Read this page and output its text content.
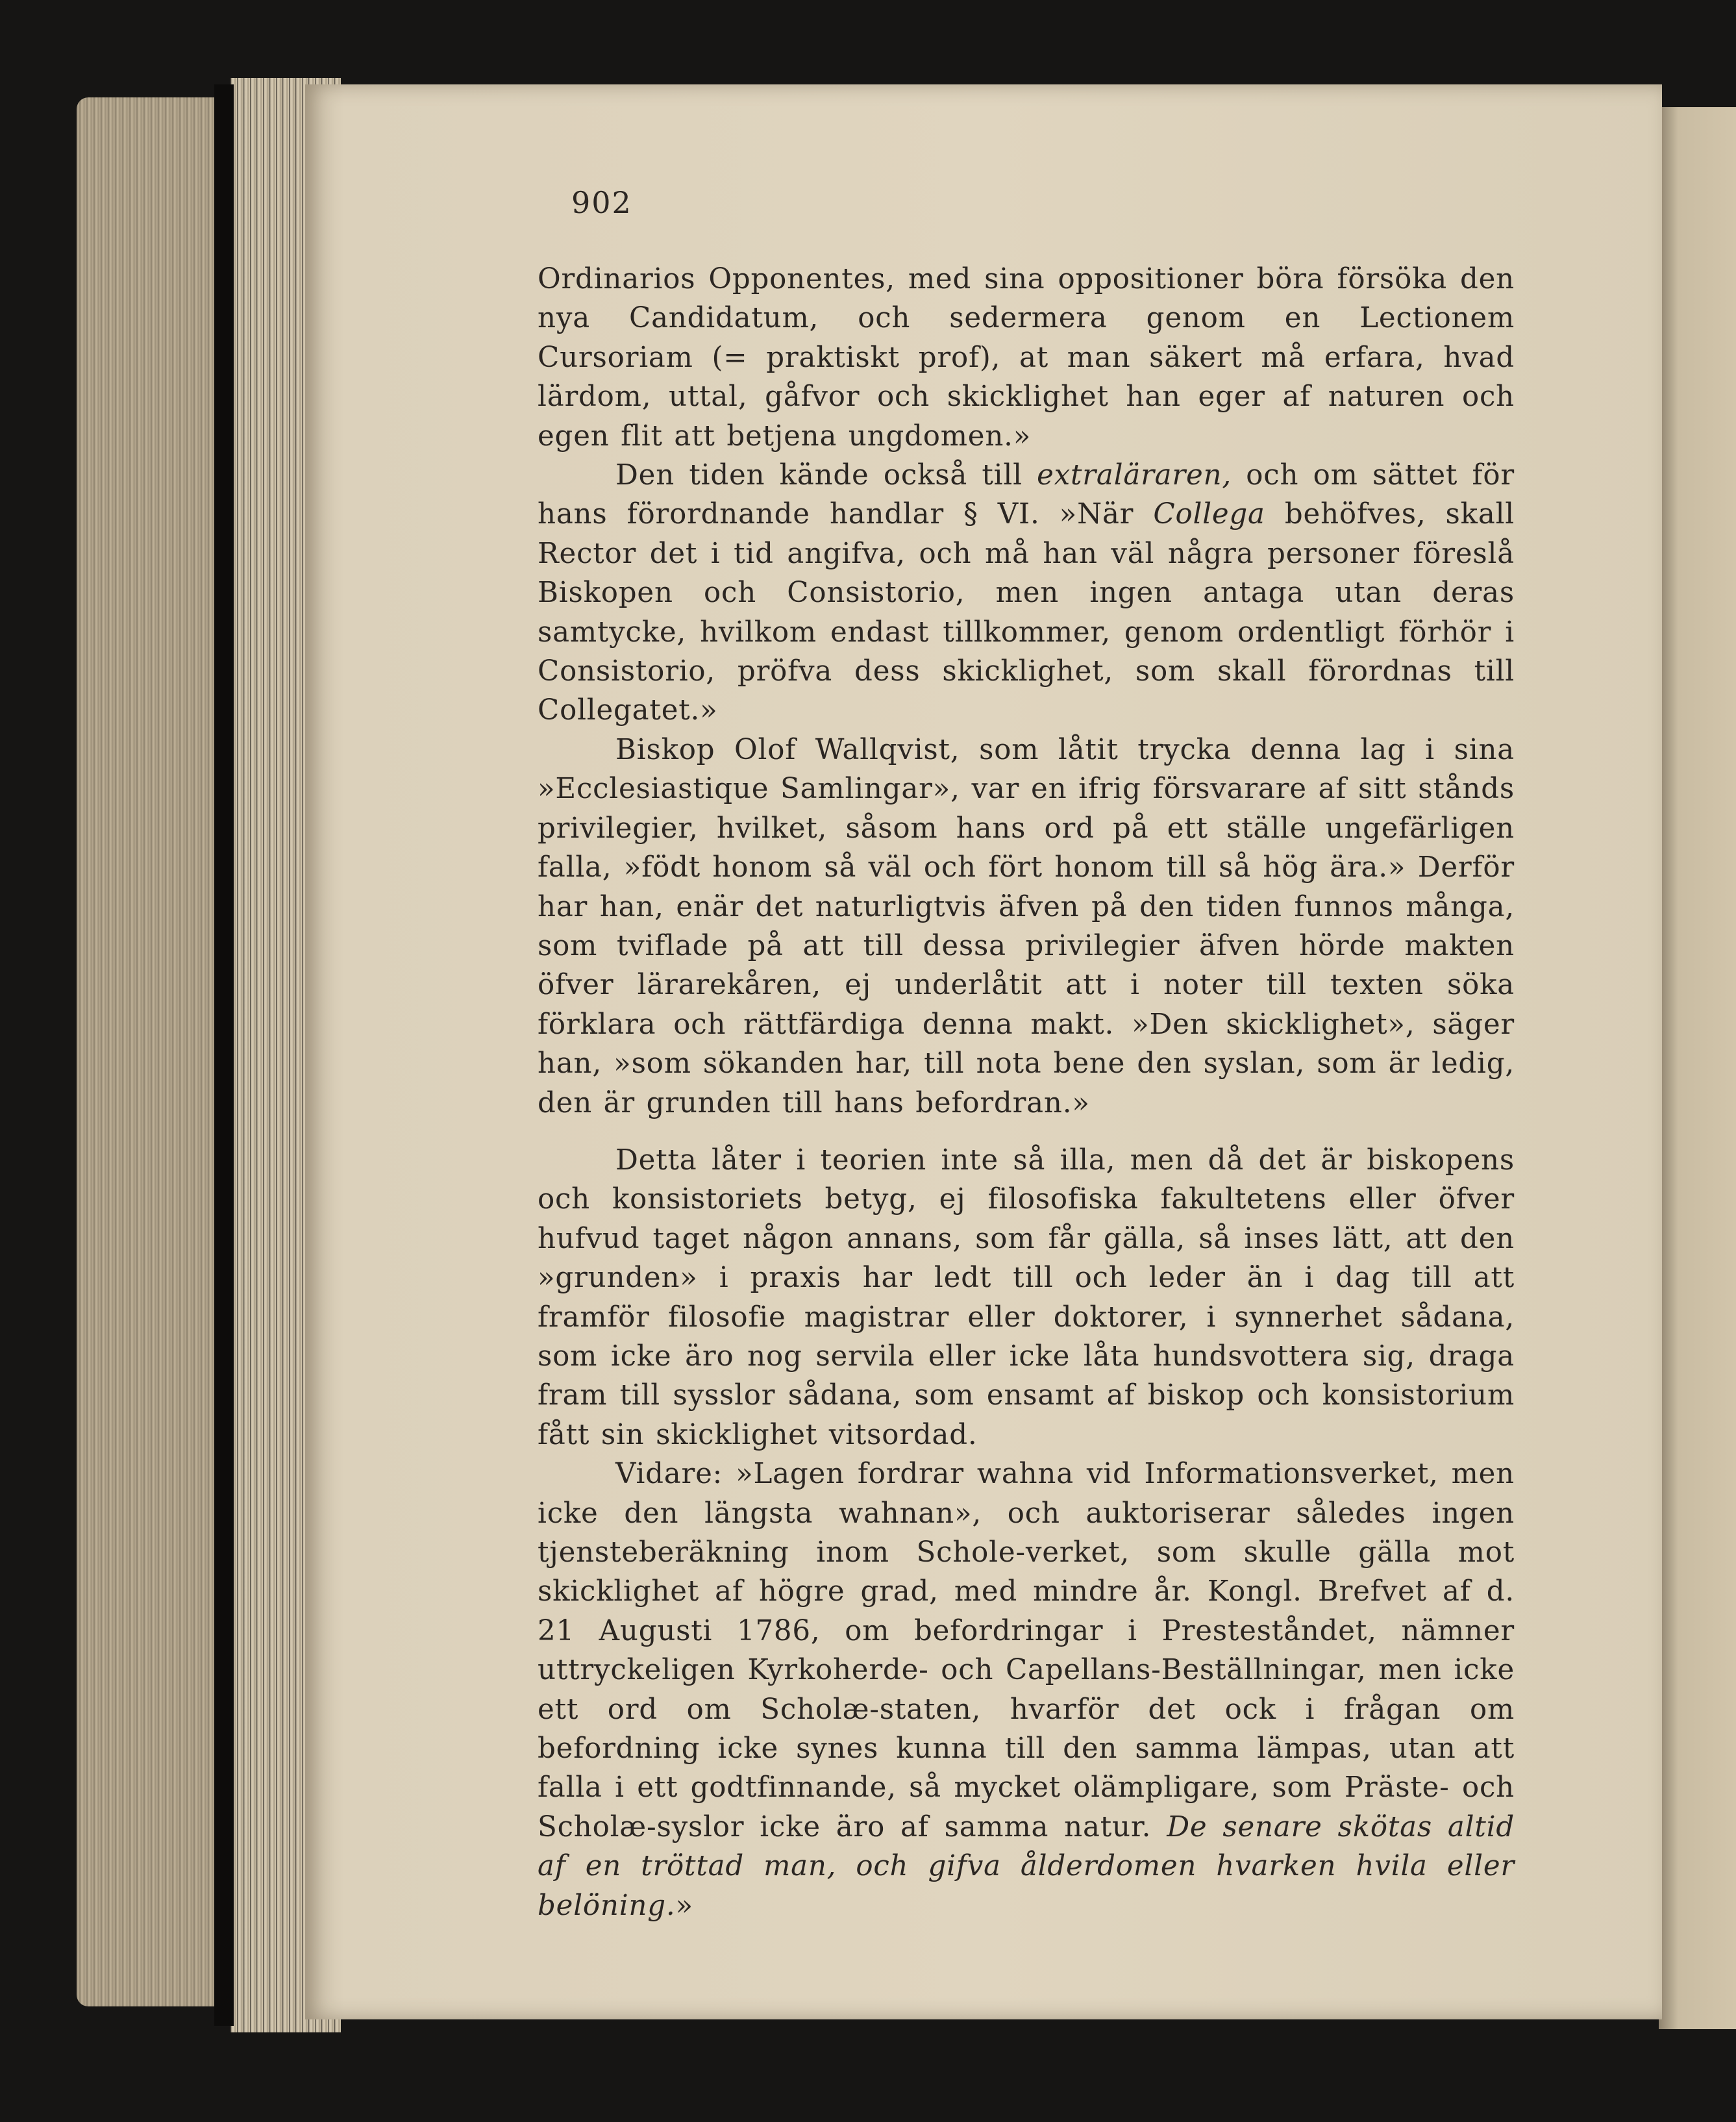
902

Ordinarios Opponentes, med sina oppositioner böra försöka den nya Candidatum, och sedermera genom en Lectionem Cursoriam (= praktiskt prof), at man säkert må erfara, hvad lärdom, uttal, gåfvor och skicklighet han eger af naturen och egen flit att betjena ungdomen.»

Den tiden kände också till extraläraren, och om sättet för hans förordnande handlar § VI. »När Collega behöfves, skall Rector det i tid angifva, och må han väl några personer föreslå Biskopen och Consistorio, men ingen antaga utan deras samtycke, hvilkom endast tillkommer, genom ordentligt förhör i Consistorio, pröfva dess skicklighet, som skall förordnas till Collegatet.»

Biskop Olof Wallqvist, som låtit trycka denna lag i sina »Ecclesiastique Samlingar», var en ifrig försvarare af sitt stånds privilegier, hvilket, såsom hans ord på ett ställe ungefärligen falla, »födt honom så väl och fört honom till så hög ära.» Derför har han, enär det naturligtvis äfven på den tiden funnos många, som tviflade på att till dessa privilegier äfven hörde makten öfver lärarekåren, ej underlåtit att i noter till texten söka förklara och rättfärdiga denna makt. »Den skicklighet», säger han, »som sökanden har, till nota bene den syslan, som är ledig, den är grunden till hans befordran.»

Detta låter i teorien inte så illa, men då det är biskopens och konsistoriets betyg, ej filosofiska fakultetens eller öfver hufvud taget någon annans, som får gälla, så inses lätt, att den »grunden» i praxis har ledt till och leder än i dag till att framför filosofie magistrar eller doktorer, i synnerhet sådana, som icke äro nog servila eller icke låta hundsvottera sig, draga fram till sysslor sådana, som ensamt af biskop och konsistorium fått sin skicklighet vitsordad.

Vidare: »Lagen fordrar wahna vid Informationsverket, men icke den längsta wahnan», och auktoriserar således ingen tjensteberäkning inom Schole-verket, som skulle gälla mot skicklighet af högre grad, med mindre år. Kongl. Brefvet af d. 21 Augusti 1786, om befordringar i Presteståndet, nämner uttryckeligen Kyrkoherde- och Capellans-Beställningar, men icke ett ord om Scholæ-staten, hvarför det ock i frågan om befordning icke synes kunna till den samma lämpas, utan att falla i ett godtfinnande, så mycket olämpligare, som Präste- och Scholæ-syslor icke äro af samma natur. De senare skötas altid af en tröttad man, och gifva ålderdomen hvarken hvila eller belöning.»
